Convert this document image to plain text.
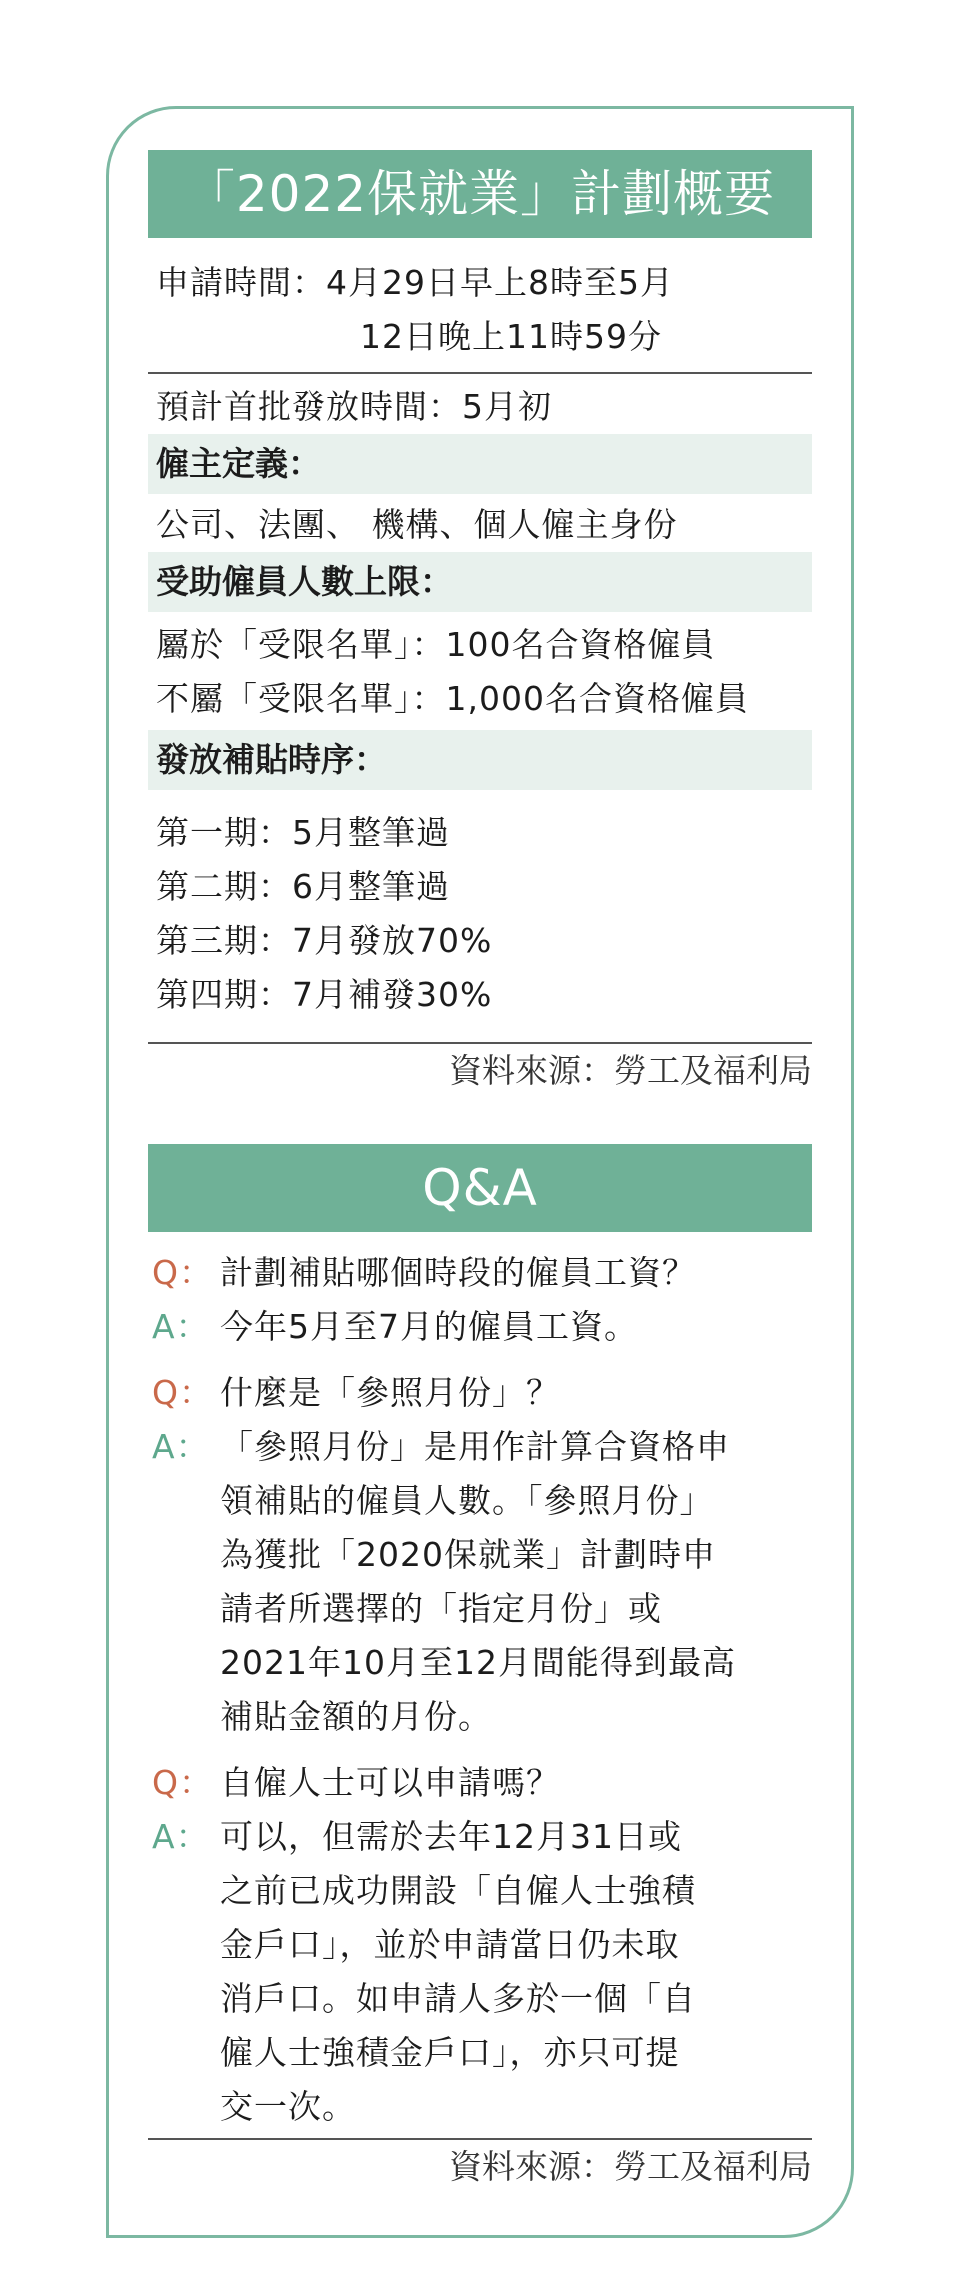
「2022保就業」計劃概要
申請時間：4月29日早上8時至5月
12日晚上11時59分
預計首批發放時間：5月初
僱主定義：
公司、法團、 機構、個人僱主身份
受助僱員人數上限：
屬於「受限名單」：100名合資格僱員
不屬「受限名單」：1,000名合資格僱員
發放補貼時序：
第一期：5月整筆過
第二期：6月整筆過
第三期：7月發放70%
第四期：7月補發30%
資料來源：勞工及福利局
Q&A
Q： 計劃補貼哪個時段的僱員工資？
A： 今年5月至7月的僱員工資。
Q： 什麼是「參照月份」？
A： 「參照月份」是用作計算合資格申
領補貼的僱員人數。「參照月份」
為獲批「2020保就業」計劃時申
請者所選擇的「指定月份」或
2021年10月至12月間能得到最高
補貼金額的月份。
Q： 自僱人士可以申請嗎？
A： 可以，但需於去年12月31日或
之前已成功開設「自僱人士強積
金戶口」，並於申請當日仍未取
消戶口。如申請人多於一個「自
僱人士強積金戶口」，亦只可提
交一次。
資料來源：勞工及福利局
